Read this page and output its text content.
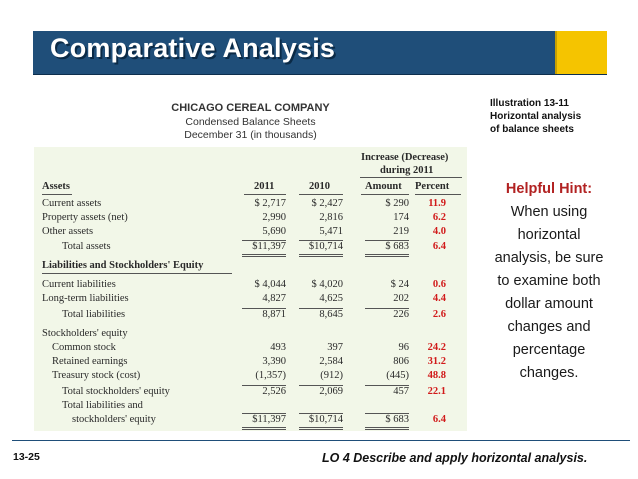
Comparative Analysis
CHICAGO CEREAL COMPANY
Condensed Balance Sheets
December 31 (in thousands)
Increase (Decrease)
during 2011
Assets	2011	2010	Amount Percent
Current assets	$ 2,717	$ 2,427	$ 290	11.9
Property assets (net)	2,990	2,816	174	6.2
Other assets	5,690	5,471	219	4.0
Total assets	$11,397	$10,714	$ 683	6.4
Liabilities and Stockholders' Equity
Current liabilities	$ 4,044	$ 4,020	$ 24	0.6
Long-term liabilities	4,827	4,625	202	4.4
Total liabilities	8,871	8,645	226	2.6
Stockholders' equity
Common stock	493	397	96	24.2
Retained earnings	3,390	2,584	806	31.2
Treasury stock (cost)	(1,357)	(912)	(445)	48.8
Total stockholders' equity	2,526	2,069	457	22.1
Total liabilities and
stockholders' equity	$11,397	$10,714	$ 683	6.4
Illustration 13-11
Horizontal analysis
of balance sheets
Helpful Hint:
When using
horizontal
analysis, be sure
to examine both
dollar amount
changes and
percentage
changes.
13-25	LO 4 Describe and apply horizontal analysis.
